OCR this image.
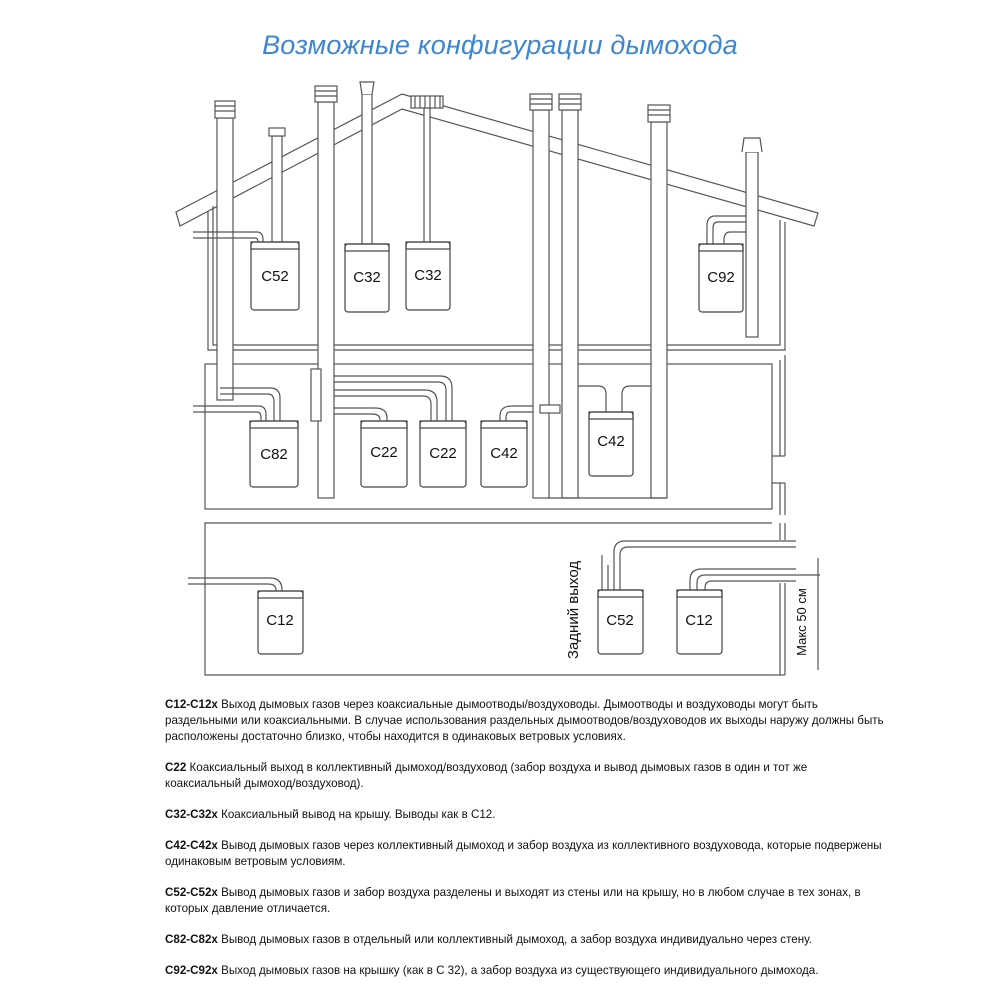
Возможные конфигурации дымохода
C52	C32 C32	C92
C82	C22 C22 C42
C42
C12	C52	C12
Задний выход	Макс 50 см

C12-C12x Выход дымовых газов через коаксиальные дымоотводы/воздуховоды. Дымоотводы и воздуховоды могут быть раздельными или коаксиальными. В случае использования раздельных дымоотводов/воздуховодов их выходы наружу должны быть расположены достаточно близко, чтобы находится в одинаковых ветровых условиях.

C22 Коаксиальный выход в коллективный дымоход/воздуховод (забор воздуха и вывод дымовых газов в один и тот же коаксиальный дымоход/воздуховод).

C32-C32x Коаксиальный вывод на крышу. Выводы как в C12.

C42-C42x Вывод дымовых газов через коллективный дымоход и забор воздуха из коллективного воздуховода, которые подвержены одинаковым ветровым условиям.

C52-C52x Вывод дымовых газов и забор воздуха разделены и выходят из стены или на крышу, но в любом случае в тех зонах, в которых давление отличается.

C82-C82x Вывод дымовых газов в отдельный или коллективный дымоход, а забор воздуха индивидуально через стену.

C92-C92x Выход дымовых газов на крышку (как в C 32), а забор воздуха из существующего индивидуального дымохода.
